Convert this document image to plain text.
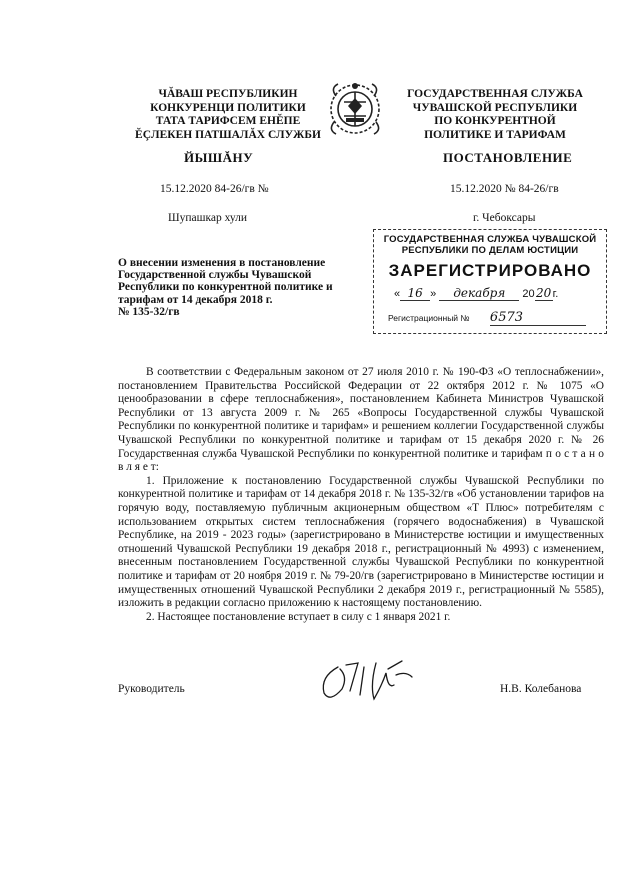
ЧĂВАШ РЕСПУБЛИКИН
КОНКУРЕНЦИ ПОЛИТИКИ
ТАТА ТАРИФСЕМ ЕНĔПЕ
ĔÇЛЕКЕН ПАТШАЛĂХ СЛУЖБИ
ГОСУДАРСТВЕННАЯ СЛУЖБА
ЧУВАШСКОЙ РЕСПУБЛИКИ
ПО КОНКУРЕНТНОЙ
ПОЛИТИКЕ И ТАРИФАМ
ЙЫШĂНУ	ПОСТАНОВЛЕНИЕ
15.12.2020 84-26/гв №	15.12.2020 № 84-26/гв
Шупашкар хули	г. Чебоксары
О внесении изменения в постановление
Государственной службы Чувашской
Республики по конкурентной политике и
тарифам от 14 декабря 2018 г.
№ 135-32/гв
ГОСУДАРСТВЕННАЯ СЛУЖБА ЧУВАШСКОЙ
РЕСПУБЛИКИ ПО ДЕЛАМ ЮСТИЦИИ
ЗАРЕГИСТРИРОВАНО
« 16 » декабря 2020г.
Регистрационный № 6573

В соответствии с Федеральным законом от 27 июля 2010 г. № 190-ФЗ «О теплоснабжении», постановлением Правительства Российской Федерации от 22 октября 2012 г. № 1075 «О ценообразовании в сфере теплоснабжения», постановлением Кабинета Министров Чувашской Республики от 13 августа 2009 г. № 265 «Вопросы Государственной службы Чувашской Республики по конкурентной политике и тарифам» и решением коллегии Государственной службы Чувашской Республики по конкурентной политике и тарифам от 15 декабря 2020 г. № 26 Государственная служба Чувашской Республики по конкурентной политике и тарифам п о с т а н о в л я е т:

1. Приложение к постановлению Государственной службы Чувашской Республики по конкурентной политике и тарифам от 14 декабря 2018 г. № 135-32/гв «Об установлении тарифов на горячую воду, поставляемую публичным акционерным обществом «Т Плюс» потребителям с использованием открытых систем теплоснабжения (горячего водоснабжения) в Чувашской Республике, на 2019 - 2023 годы» (зарегистрировано в Министерстве юстиции и имущественных отношений Чувашской Республики 19 декабря 2018 г., регистрационный № 4993) с изменением, внесенным постановлением Государственной службы Чувашской Республики по конкурентной политике и тарифам от 20 ноября 2019 г. № 79-20/гв (зарегистрировано в Министерстве юстиции и имущественных отношений Чувашской Республики 2 декабря 2019 г., регистрационный № 5585), изложить в редакции согласно приложению к настоящему постановлению.

2. Настоящее постановление вступает в силу с 1 января 2021 г.

Руководитель	Н.В. Колебанова
